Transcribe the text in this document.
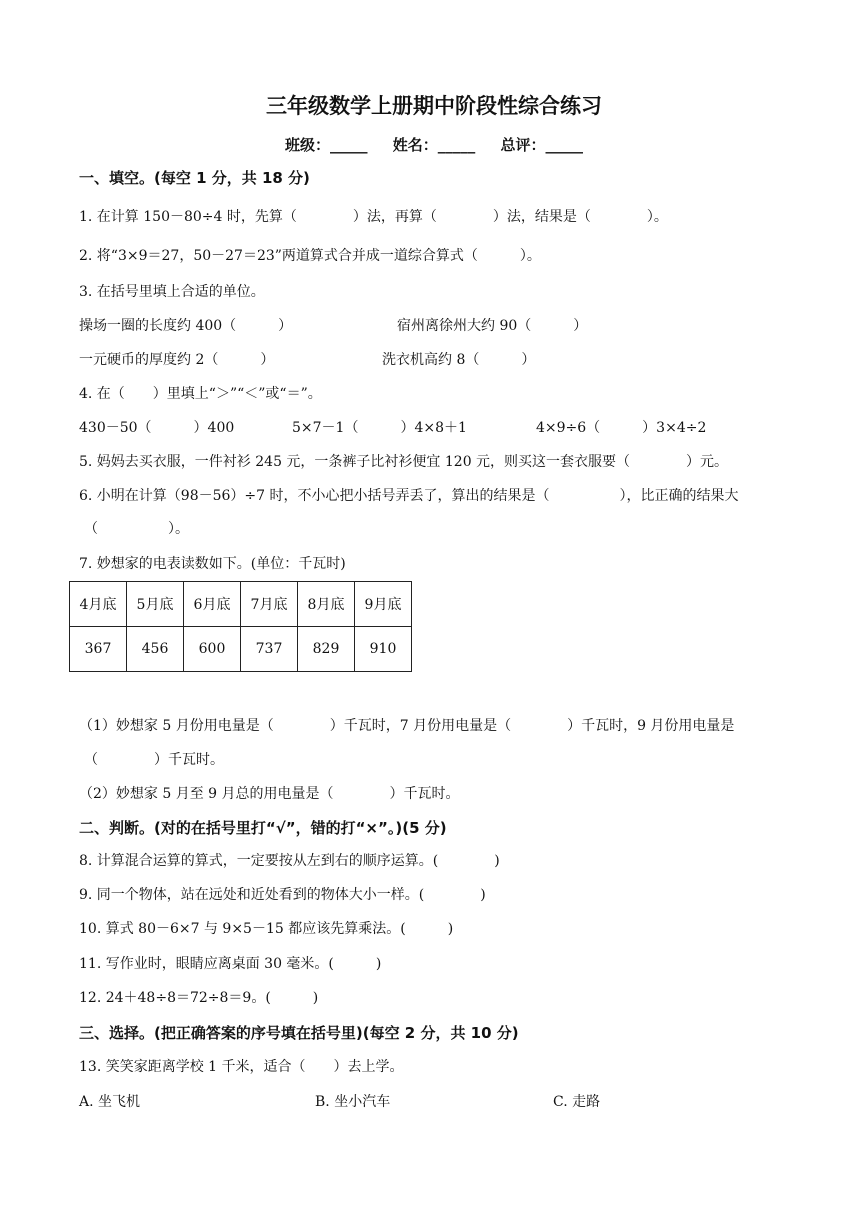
三年级数学上册期中阶段性综合练习
班级：_____ 姓名：_____ 总评：_____
一、填空。(每空 1 分，共 18 分)
1. 在计算 150－80÷4 时，先算（　　　　）法，再算（　　　　）法，结果是（　　　　）。
2. 将“3×9＝27，50－27＝23”两道算式合并成一道综合算式（　　　）。
3. 在括号里填上合适的单位。
操场一圈的长度约 400（　　　）	宿州离徐州大约 90（　　　）
一元硬币的厚度约 2（　　　）	洗衣机高约 8（　　　）
4. 在（　　）里填上“＞”“＜”或“＝”。
430－50（　　　）400	5×7－1（　　　）4×8＋1	4×9÷6（　　　）3×4÷2
5. 妈妈去买衣服，一件衬衫 245 元，一条裤子比衬衫便宜 120 元，则买这一套衣服要（　　　　）元。
6. 小明在计算（98－56）÷7 时，不小心把小括号弄丢了，算出的结果是（　　　　　），比正确的结果大
（　　　　　）。
7. 妙想家的电表读数如下。(单位：千瓦时)
4月底	5月底	6月底	7月底	8月底	9月底
367	456	600	737	829	910
（1）妙想家 5 月份用电量是（　　　　）千瓦时，7 月份用电量是（　　　　）千瓦时，9 月份用电量是
（　　　　）千瓦时。
（2）妙想家 5 月至 9 月总的用电量是（　　　　）千瓦时。
二、判断。(对的在括号里打“√”，错的打“×”。)(5 分)
8. 计算混合运算的算式，一定要按从左到右的顺序运算。(　　　　)
9. 同一个物体，站在远处和近处看到的物体大小一样。(　　　　)
10. 算式 80－6×7 与 9×5－15 都应该先算乘法。(　　　)
11. 写作业时，眼睛应离桌面 30 毫米。(　　　)
12. 24＋48÷8＝72÷8＝9。(　　　)
三、选择。(把正确答案的序号填在括号里)(每空 2 分，共 10 分)
13. 笑笑家距离学校 1 千米，适合（　　）去上学。
A. 坐飞机	B. 坐小汽车	C. 走路
